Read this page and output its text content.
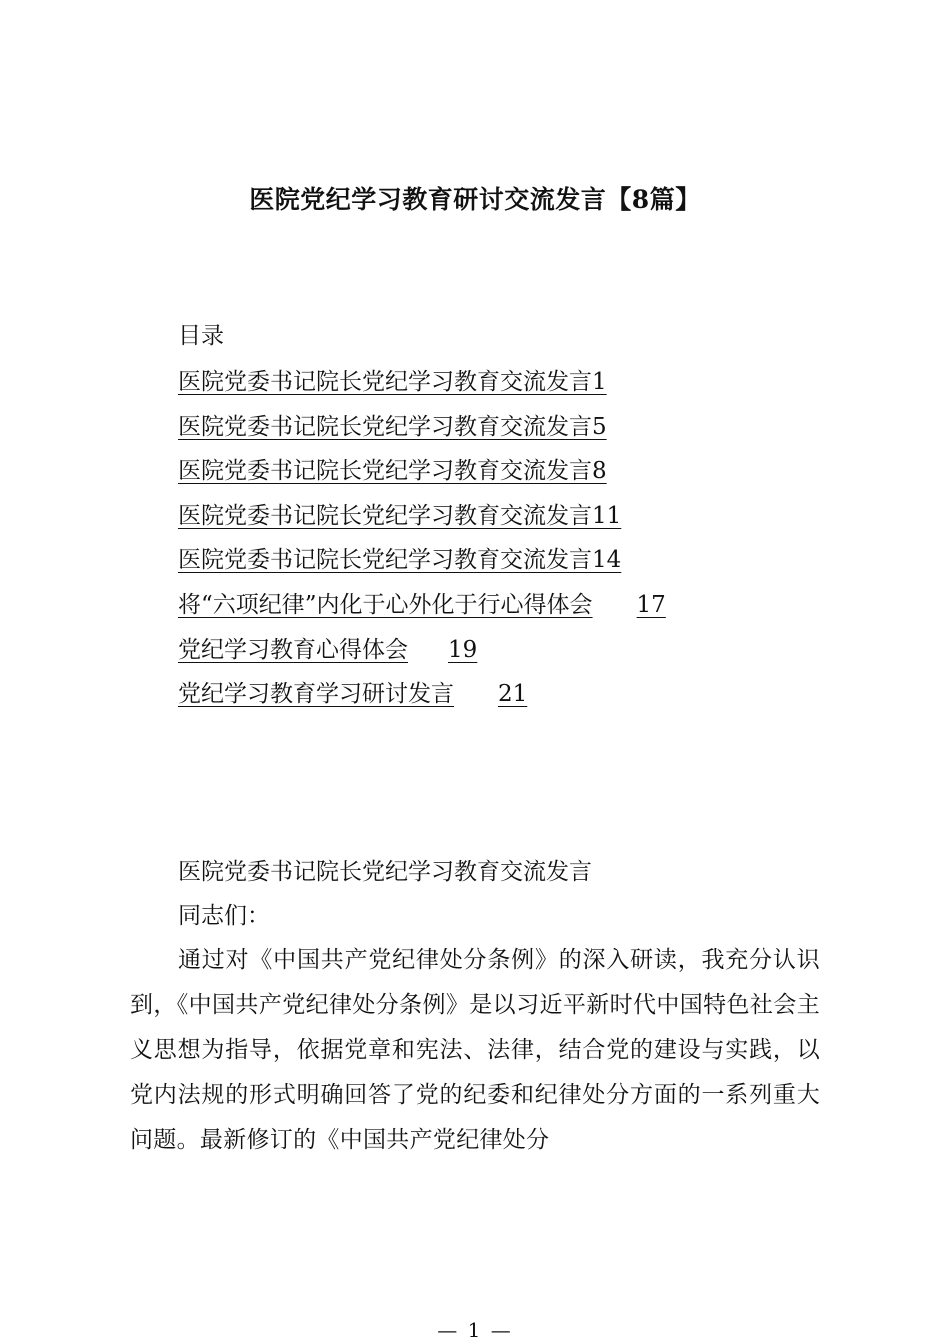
医院党纪学习教育研讨交流发言【8篇】
目录
医院党委书记院长党纪学习教育交流发言1
医院党委书记院长党纪学习教育交流发言5
医院党委书记院长党纪学习教育交流发言8
医院党委书记院长党纪学习教育交流发言11
医院党委书记院长党纪学习教育交流发言14
将“六项纪律”内化于心外化于行心得体会 17
党纪学习教育心得体会 19
党纪学习教育学习研讨发言 21
医院党委书记院长党纪学习教育交流发言
同志们：

通过对《中国共产党纪律处分条例》的深入研读，我充分认识到，《中国共产党纪律处分条例》是以习近平新时代中国特色社会主义思想为指导，依据党章和宪法、法律，结合党的建设与实践，以党内法规的形式明确回答了党的纪委和纪律处分方面的一系列重大问题。最新修订的《中国共产党纪律处分

— 1 —
